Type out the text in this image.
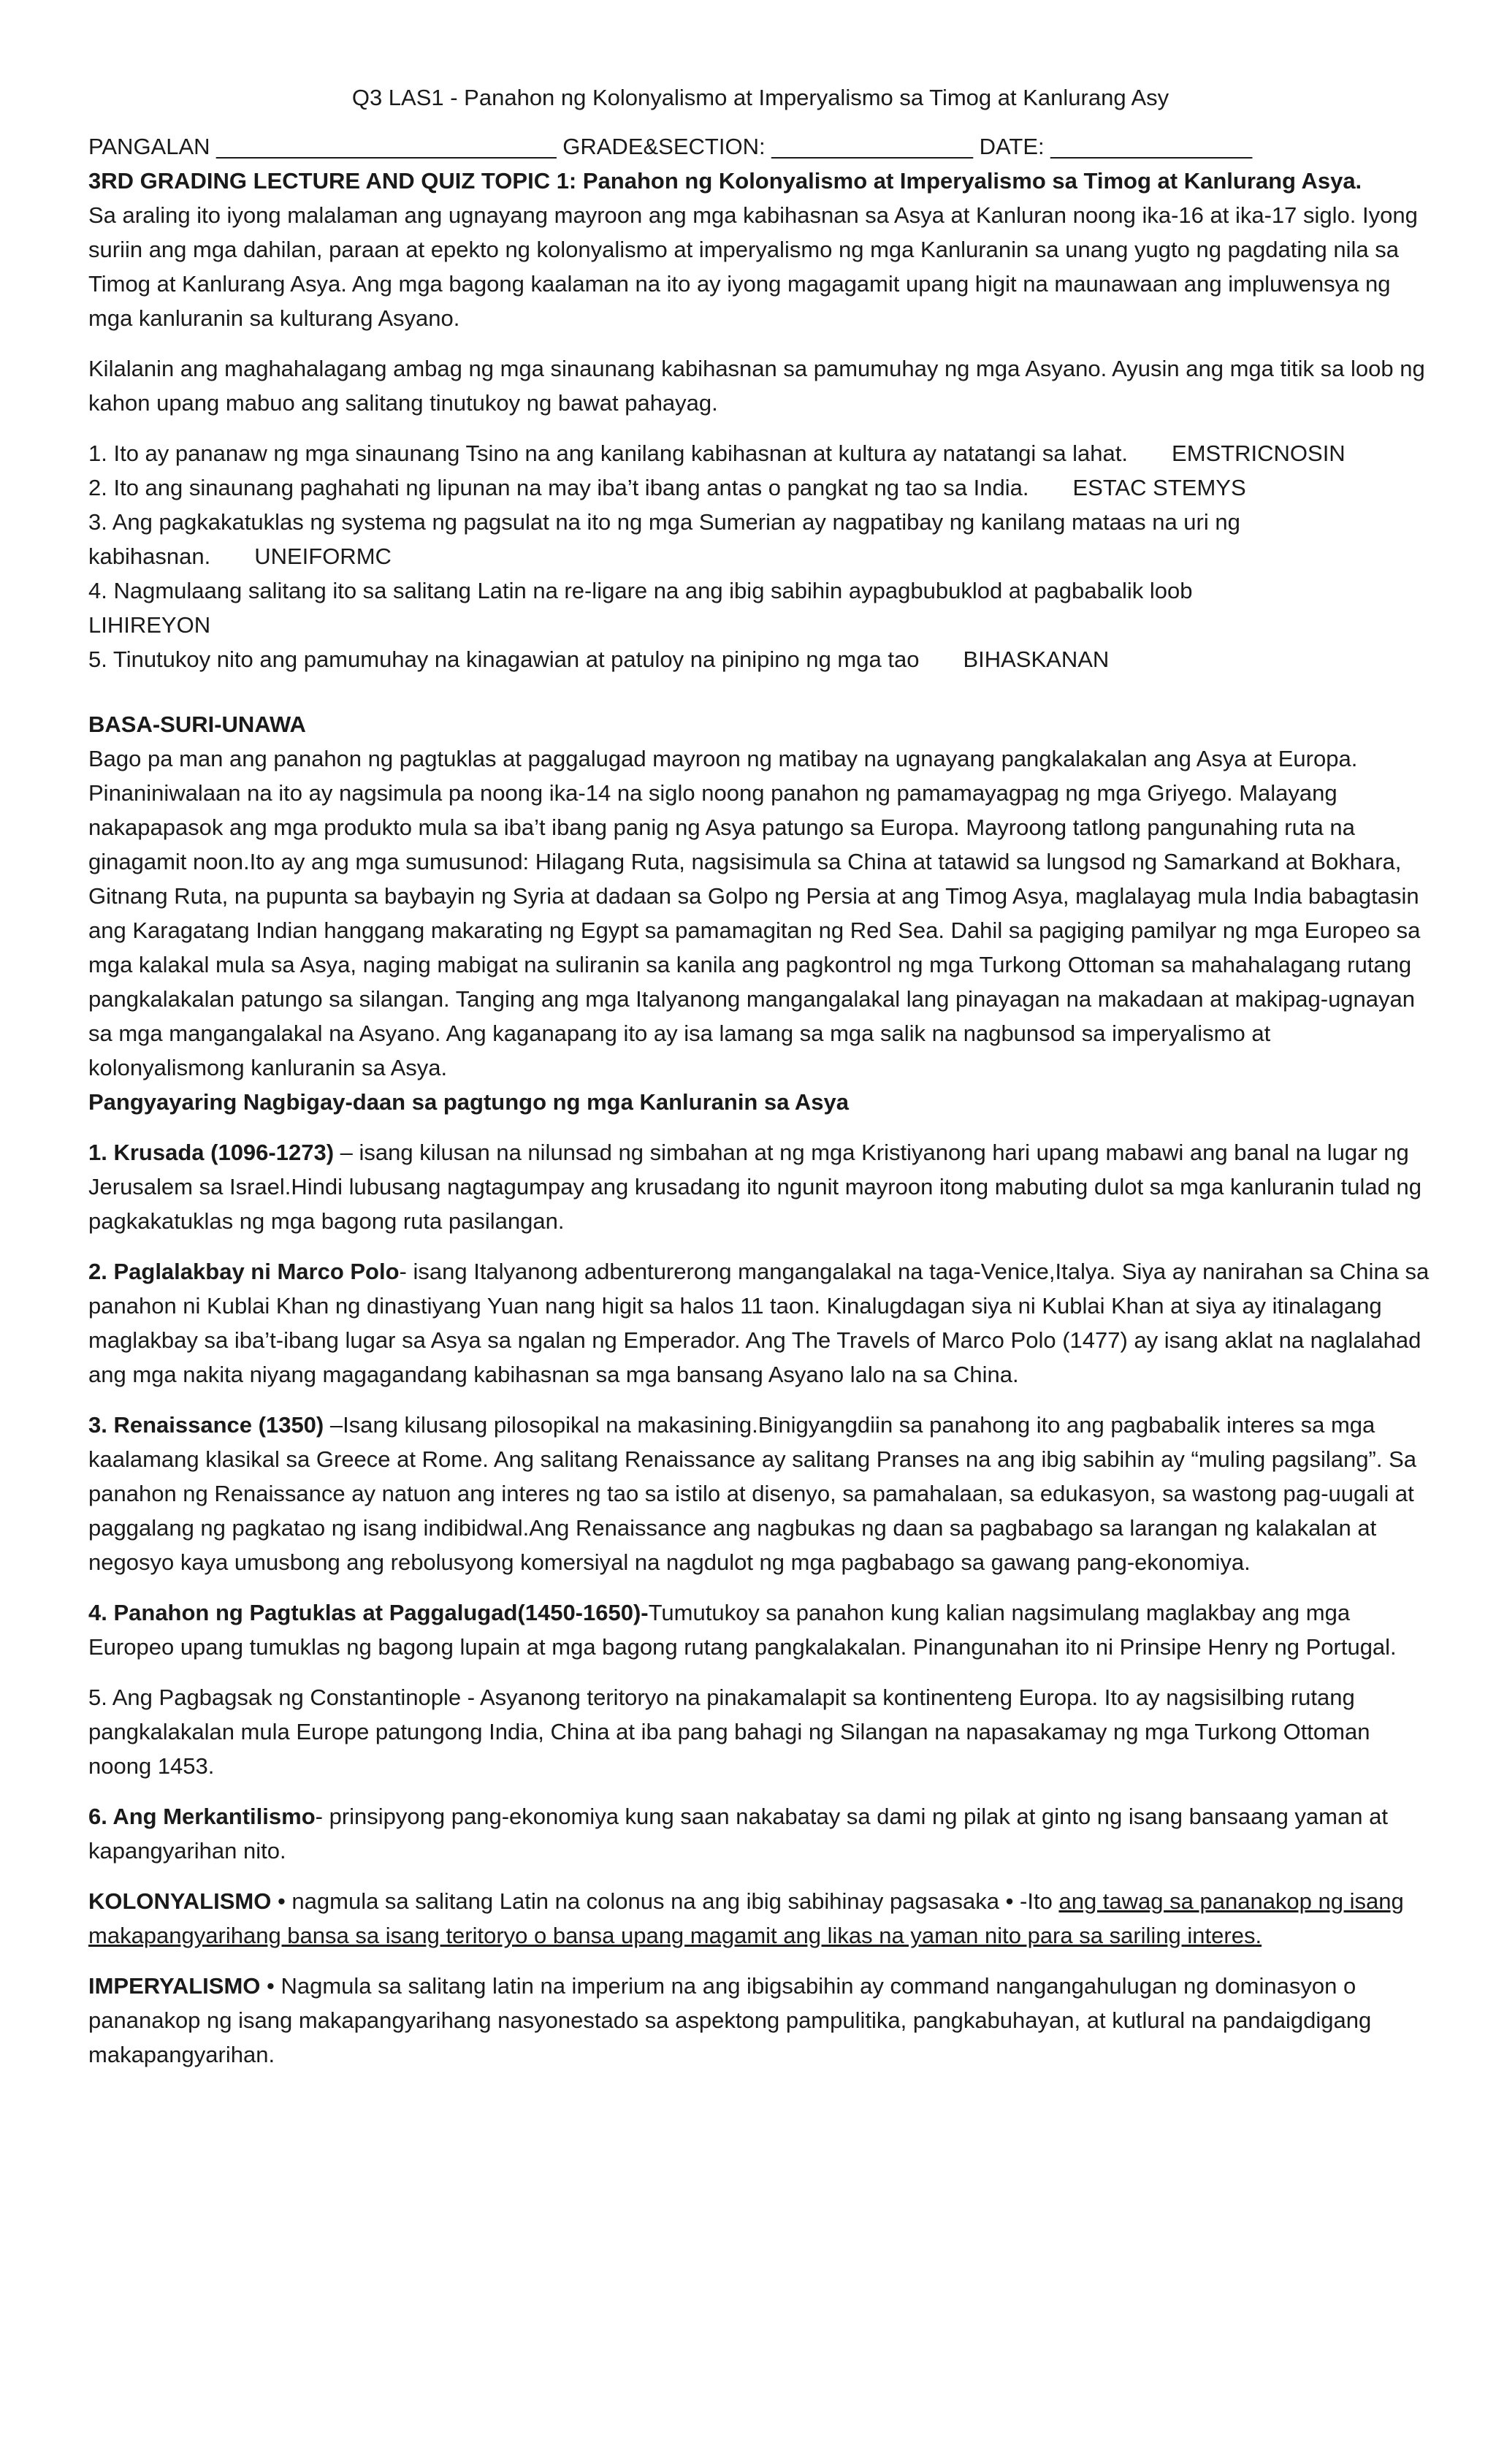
Q3 LAS1 - Panahon ng Kolonyalismo at Imperyalismo sa Timog at Kanlurang Asy

PANGALAN ___________________________ GRADE&SECTION: ________________ DATE: ________________

3RD GRADING LECTURE AND QUIZ TOPIC 1: Panahon ng Kolonyalismo at Imperyalismo sa Timog at Kanlurang Asya.

Sa araling ito iyong malalaman ang ugnayang mayroon ang mga kabihasnan sa Asya at Kanluran noong ika-16 at ika-17 siglo. Iyong suriin ang mga dahilan, paraan at epekto ng kolonyalismo at imperyalismo ng mga Kanluranin sa unang yugto ng pagdating nila sa Timog at Kanlurang Asya. Ang mga bagong kaalaman na ito ay iyong magagamit upang higit na maunawaan ang impluwensya ng mga kanluranin sa kulturang Asyano.

Kilalanin ang maghahalagang ambag ng mga sinaunang kabihasnan sa pamumuhay ng mga Asyano. Ayusin ang mga titik sa loob ng kahon upang mabuo ang salitang tinutukoy ng bawat pahayag.

1. Ito ay pananaw ng mga sinaunang Tsino na ang kanilang kabihasnan at kultura ay natatangi sa lahat. EMSTRICNOSIN

2. Ito ang sinaunang paghahati ng lipunan na may iba’t ibang antas o pangkat ng tao sa India. ESTAC STEMYS

3. Ang pagkakatuklas ng systema ng pagsulat na ito ng mga Sumerian ay nagpatibay ng kanilang mataas na uri ng kabihasnan. UNEIFORMC

4. Nagmulaang salitang ito sa salitang Latin na re-ligare na ang ibig sabihin aypagbubuklod at pagbabalik loob
LIHIREYON

5. Tinutukoy nito ang pamumuhay na kinagawian at patuloy na pinipino ng mga tao BIHASKANAN

BASA-SURI-UNAWA

Bago pa man ang panahon ng pagtuklas at paggalugad mayroon ng matibay na ugnayang pangkalakalan ang Asya at Europa. Pinaniniwalaan na ito ay nagsimula pa noong ika-14 na siglo noong panahon ng pamamayagpag ng mga Griyego. Malayang nakapapasok ang mga produkto mula sa iba’t ibang panig ng Asya patungo sa Europa. Mayroong tatlong pangunahing ruta na ginagamit noon.Ito ay ang mga sumusunod: Hilagang Ruta, nagsisimula sa China at tatawid sa lungsod ng Samarkand at Bokhara, Gitnang Ruta, na pupunta sa baybayin ng Syria at dadaan sa Golpo ng Persia at ang Timog Asya, maglalayag mula India babagtasin ang Karagatang Indian hanggang makarating ng Egypt sa pamamagitan ng Red Sea. Dahil sa pagiging pamilyar ng mga Europeo sa mga kalakal mula sa Asya, naging mabigat na suliranin sa kanila ang pagkontrol ng mga Turkong Ottoman sa mahahalagang rutang pangkalakalan patungo sa silangan. Tanging ang mga Italyanong mangangalakal lang pinayagan na makadaan at makipag-ugnayan sa mga mangangalakal na Asyano. Ang kaganapang ito ay isa lamang sa mga salik na nagbunsod sa imperyalismo at kolonyalismong kanluranin sa Asya.

Pangyayaring Nagbigay-daan sa pagtungo ng mga Kanluranin sa Asya

1. Krusada (1096-1273) – isang kilusan na nilunsad ng simbahan at ng mga Kristiyanong hari upang mabawi ang banal na lugar ng Jerusalem sa Israel.Hindi lubusang nagtagumpay ang krusadang ito ngunit mayroon itong mabuting dulot sa mga kanluranin tulad ng pagkakatuklas ng mga bagong ruta pasilangan.

2. Paglalakbay ni Marco Polo- isang Italyanong adbenturerong mangangalakal na taga-Venice,Italya. Siya ay nanirahan sa China sa panahon ni Kublai Khan ng dinastiyang Yuan nang higit sa halos 11 taon. Kinalugdagan siya ni Kublai Khan at siya ay itinalagang maglakbay sa iba’t-ibang lugar sa Asya sa ngalan ng Emperador. Ang The Travels of Marco Polo (1477) ay isang aklat na naglalahad ang mga nakita niyang magagandang kabihasnan sa mga bansang Asyano lalo na sa China.

3. Renaissance (1350) –Isang kilusang pilosopikal na makasining.Binigyangdiin sa panahong ito ang pagbabalik interes sa mga kaalamang klasikal sa Greece at Rome. Ang salitang Renaissance ay salitang Pranses na ang ibig sabihin ay “muling pagsilang”. Sa panahon ng Renaissance ay natuon ang interes ng tao sa istilo at disenyo, sa pamahalaan, sa edukasyon, sa wastong pag-uugali at paggalang ng pagkatao ng isang indibidwal.Ang Renaissance ang nagbukas ng daan sa pagbabago sa larangan ng kalakalan at negosyo kaya umusbong ang rebolusyong komersiyal na nagdulot ng mga pagbabago sa gawang pang-ekonomiya.

4. Panahon ng Pagtuklas at Paggalugad(1450-1650)-Tumutukoy sa panahon kung kalian nagsimulang maglakbay ang mga Europeo upang tumuklas ng bagong lupain at mga bagong rutang pangkalakalan. Pinangunahan ito ni Prinsipe Henry ng Portugal.

5. Ang Pagbagsak ng Constantinople - Asyanong teritoryo na pinakamalapit sa kontinenteng Europa. Ito ay nagsisilbing rutang pangkalakalan mula Europe patungong India, China at iba pang bahagi ng Silangan na napasakamay ng mga Turkong Ottoman noong 1453.

6. Ang Merkantilismo- prinsipyong pang-ekonomiya kung saan nakabatay sa dami ng pilak at ginto ng isang bansaang yaman at kapangyarihan nito.

KOLONYALISMO • nagmula sa salitang Latin na colonus na ang ibig sabihinay pagsasaka • -Ito ang tawag sa pananakop ng isang makapangyarihang bansa sa isang teritoryo o bansa upang magamit ang likas na yaman nito para sa sariling interes.

IMPERYALISMO • Nagmula sa salitang latin na imperium na ang ibigsabihin ay command nangangahulugan ng dominasyon o pananakop ng isang makapangyarihang nasyonestado sa aspektong pampulitika, pangkabuhayan, at kutlural na pandaigdigang makapangyarihan.
